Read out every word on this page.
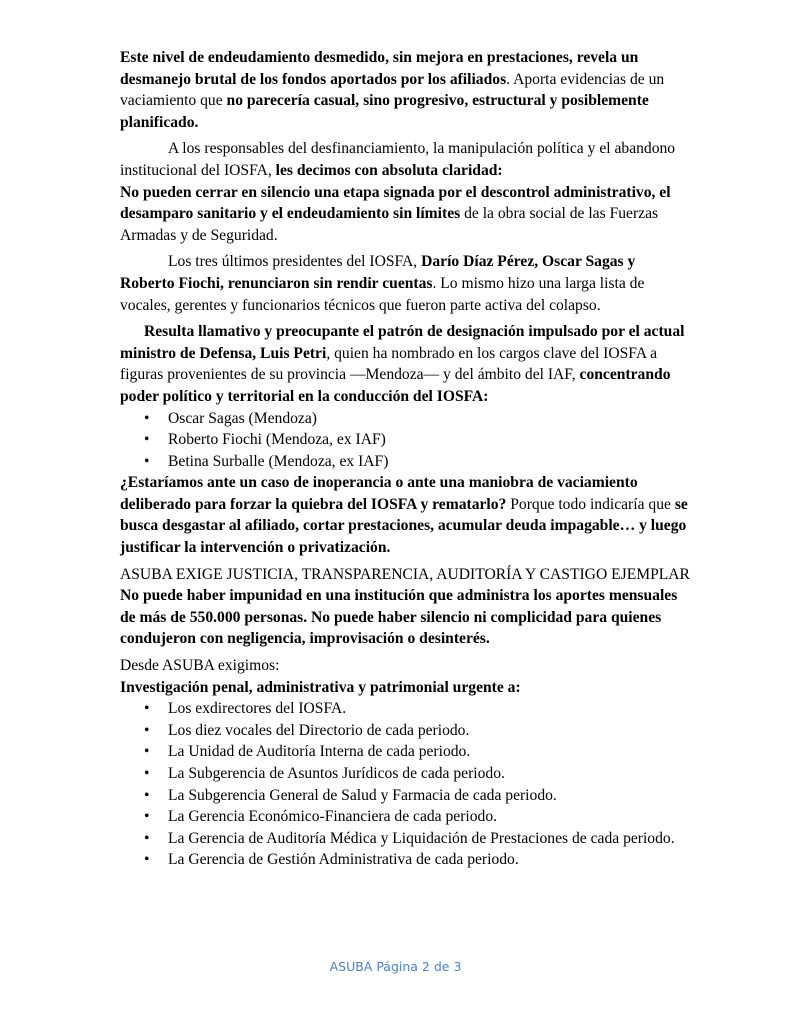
Este nivel de endeudamiento desmedido, sin mejora en prestaciones, revela un desmanejo brutal de los fondos aportados por los afiliados. Aporta evidencias de un vaciamiento que no parecería casual, sino progresivo, estructural y posiblemente planificado.

A los responsables del desfinanciamiento, la manipulación política y el abandono institucional del IOSFA, les decimos con absoluta claridad:

No pueden cerrar en silencio una etapa signada por el descontrol administrativo, el desamparo sanitario y el endeudamiento sin límites de la obra social de las Fuerzas Armadas y de Seguridad.

Los tres últimos presidentes del IOSFA, Darío Díaz Pérez, Oscar Sagas y Roberto Fiochi, renunciaron sin rendir cuentas. Lo mismo hizo una larga lista de vocales, gerentes y funcionarios técnicos que fueron parte activa del colapso.

Resulta llamativo y preocupante el patrón de designación impulsado por el actual ministro de Defensa, Luis Petri, quien ha nombrado en los cargos clave del IOSFA a figuras provenientes de su provincia —Mendoza— y del ámbito del IAF, concentrando poder político y territorial en la conducción del IOSFA:

• Oscar Sagas (Mendoza)
• Roberto Fiochi (Mendoza, ex IAF)
• Betina Surballe (Mendoza, ex IAF)

¿Estaríamos ante un caso de inoperancia o ante una maniobra de vaciamiento deliberado para forzar la quiebra del IOSFA y rematarlo? Porque todo indicaría que se busca desgastar al afiliado, cortar prestaciones, acumular deuda impagable… y luego justificar la intervención o privatización.

ASUBA EXIGE JUSTICIA, TRANSPARENCIA, AUDITORÍA Y CASTIGO EJEMPLAR

No puede haber impunidad en una institución que administra los aportes mensuales de más de 550.000 personas. No puede haber silencio ni complicidad para quienes condujeron con negligencia, improvisación o desinterés.

Desde ASUBA exigimos:

Investigación penal, administrativa y patrimonial urgente a:

• Los exdirectores del IOSFA.
• Los diez vocales del Directorio de cada periodo.
• La Unidad de Auditoría Interna de cada periodo.
• La Subgerencia de Asuntos Jurídicos de cada periodo.
• La Subgerencia General de Salud y Farmacia de cada periodo.
• La Gerencia Económico-Financiera de cada periodo.
• La Gerencia de Auditoría Médica y Liquidación de Prestaciones de cada periodo.
• La Gerencia de Gestión Administrativa de cada periodo.
ASUBA Página 2 de 3
